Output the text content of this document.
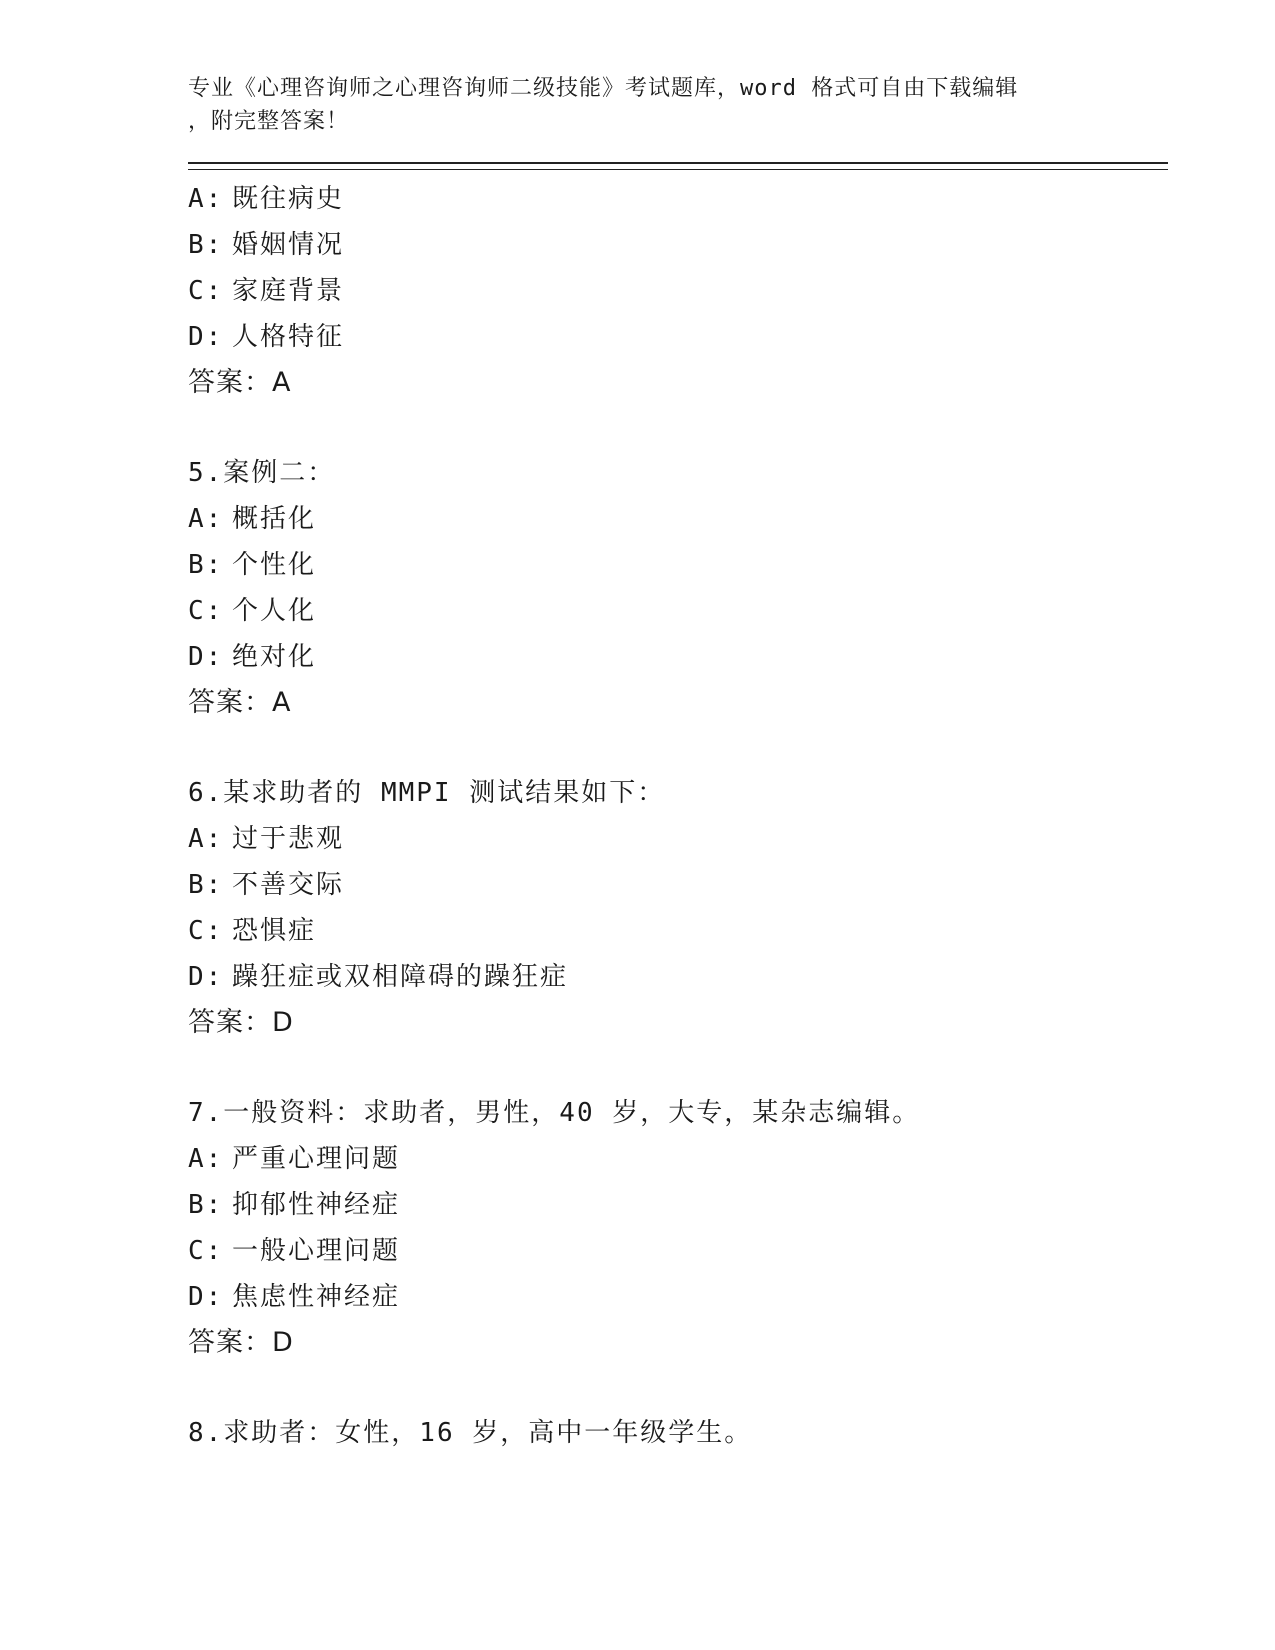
专业《心理咨询师之心理咨询师二级技能》考试题库，word 格式可自由下载编辑
，附完整答案！

A: 既往病史
B: 婚姻情况
C: 家庭背景
D: 人格特征
答案：A
5.案例二：
A: 概括化
B: 个性化
C: 个人化
D: 绝对化
答案：A
6.某求助者的 MMPI 测试结果如下：
A: 过于悲观
B: 不善交际
C: 恐惧症
D: 躁狂症或双相障碍的躁狂症
答案：D
7.一般资料：求助者，男性，40 岁，大专，某杂志编辑。
A: 严重心理问题
B: 抑郁性神经症
C: 一般心理问题
D: 焦虑性神经症
答案：D
8.求助者：女性，16 岁，高中一年级学生。
